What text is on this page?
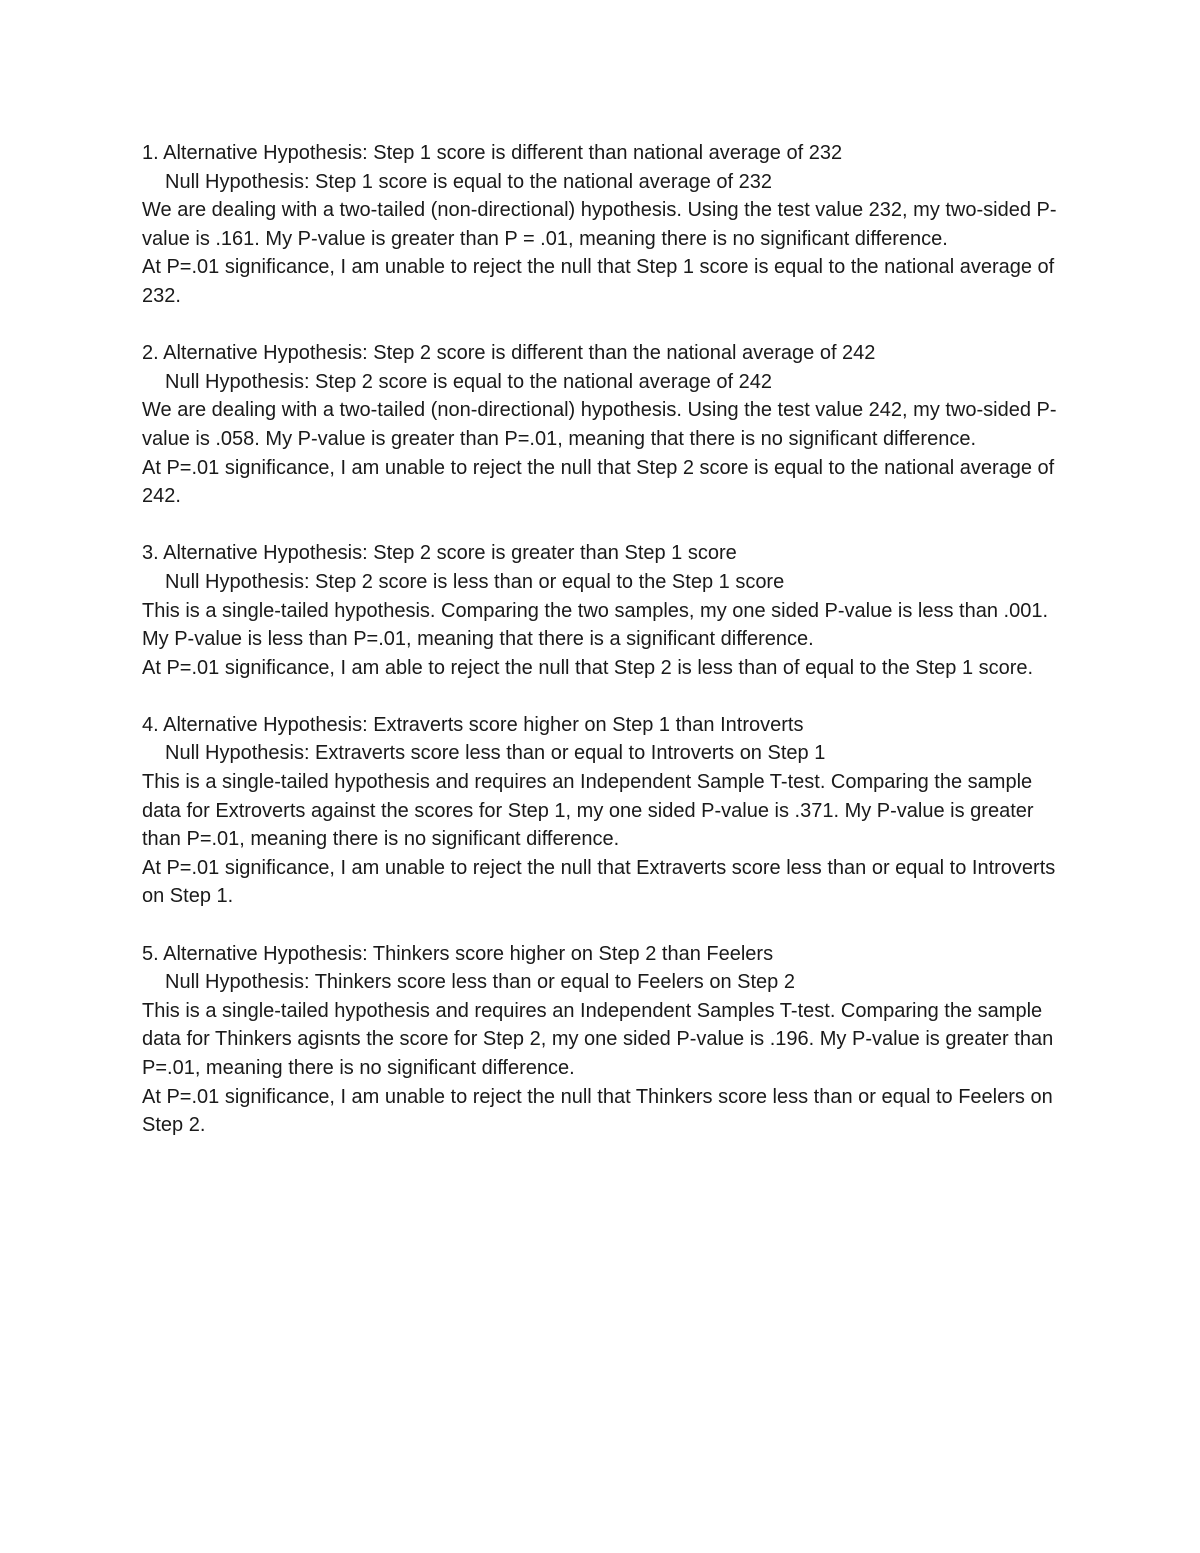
1. Alternative Hypothesis: Step 1 score is different than national average of 232

Null Hypothesis: Step 1 score is equal to the national average of 232

We are dealing with a two-tailed (non-directional) hypothesis. Using the test value 232, my two-sided P-value is .161. My P-value is greater than P = .01, meaning there is no significant difference.

At P=.01 significance, I am unable to reject the null that Step 1 score is equal to the national average of 232.

2. Alternative Hypothesis: Step 2 score is different than the national average of 242

Null Hypothesis: Step 2 score is equal to the national average of 242

We are dealing with a two-tailed (non-directional) hypothesis. Using the test value 242, my two-sided P-value is .058. My P-value is greater than P=.01, meaning that there is no significant difference.

At P=.01 significance, I am unable to reject the null that Step 2 score is equal to the national average of 242.

3. Alternative Hypothesis: Step 2 score is greater than Step 1 score

Null Hypothesis: Step 2 score is less than or equal to the Step 1 score

This is a single-tailed hypothesis. Comparing the two samples, my one sided P-value is less than .001. My P-value is less than P=.01, meaning that there is a significant difference.

At P=.01 significance, I am able to reject the null that Step 2 is less than of equal to the Step 1 score.

4. Alternative Hypothesis: Extraverts score higher on Step 1 than Introverts

Null Hypothesis: Extraverts score less than or equal to Introverts on Step 1

This is a single-tailed hypothesis and requires an Independent Sample T-test. Comparing the sample data for Extroverts against the scores for Step 1, my one sided P-value is .371. My P-value is greater than P=.01, meaning there is no significant difference.

At P=.01 significance, I am unable to reject the null that Extraverts score less than or equal to Introverts on Step 1.

5. Alternative Hypothesis: Thinkers score higher on Step 2 than Feelers

Null Hypothesis: Thinkers score less than or equal to Feelers on Step 2

This is a single-tailed hypothesis and requires an Independent Samples T-test. Comparing the sample data for Thinkers agisnts the score for Step 2, my one sided P-value is .196. My P-value is greater than P=.01, meaning there is no significant difference.

At P=.01 significance, I am unable to reject the null that Thinkers score less than or equal to Feelers on Step 2.
